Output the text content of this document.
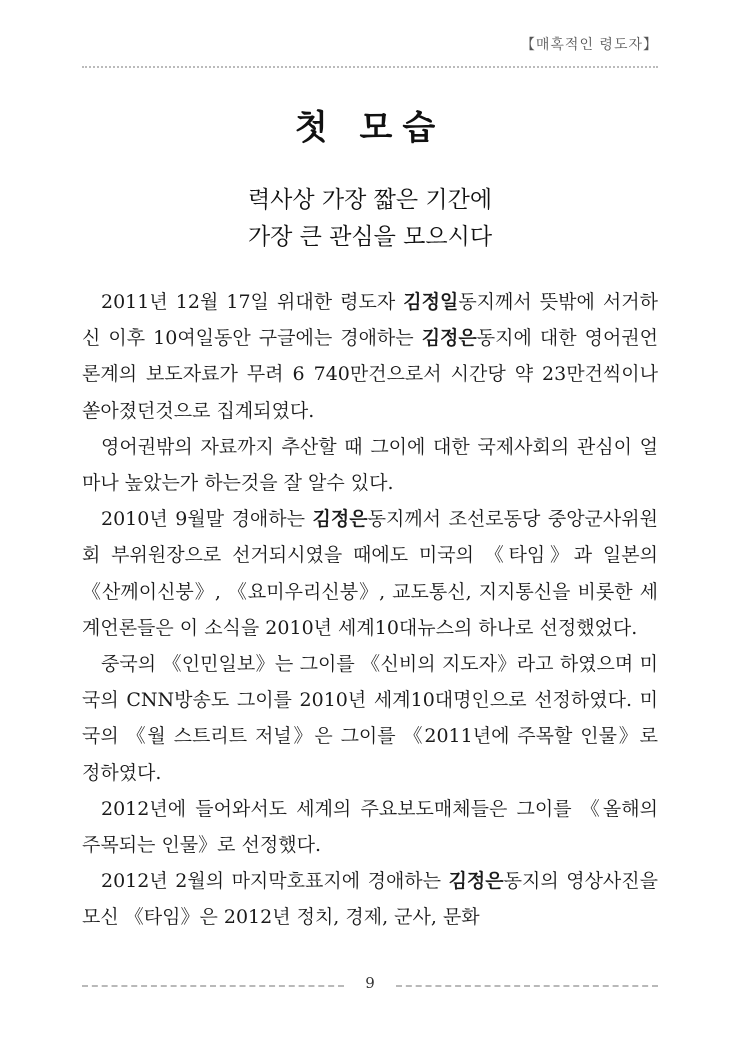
【매혹적인 령도자】
첫 모습
력사상 가장 짧은 기간에
가장 큰 관심을 모으시다

2011년 12월 17일 위대한 령도자 김정일동지께서 뜻밖에 서거하신 이후 10여일동안 구글에는 경애하는 김정은동지에 대한 영어권언론계의 보도자료가 무려 6 740만건으로서 시간당 약 23만건씩이나 쏟아졌던것으로 집계되였다.

영어권밖의 자료까지 추산할 때 그이에 대한 국제사회의 관심이 얼마나 높았는가 하는것을 잘 알수 있다.

2010년 9월말 경애하는 김정은동지께서 조선로동당 중앙군사위원회 부위원장으로 선거되시였을 때에도 미국의 《타임》과 일본의 《산께이신붕》, 《요미우리신붕》, 교도통신, 지지통신을 비롯한 세계언론들은 이 소식을 2010년 세계10대뉴스의 하나로 선정했었다.

중국의 《인민일보》는 그이를 《신비의 지도자》라고 하였으며 미국의 CNN방송도 그이를 2010년 세계10대명인으로 선정하였다. 미국의 《월 스트리트 저널》은 그이를 《2011년에 주목할 인물》로 정하였다.

2012년에 들어와서도 세계의 주요보도매체들은 그이를 《올해의 주목되는 인물》로 선정했다.

2012년 2월의 마지막호표지에 경애하는 김정은동지의 영상사진을 모신 《타임》은 2012년 정치, 경제, 군사, 문화

9
